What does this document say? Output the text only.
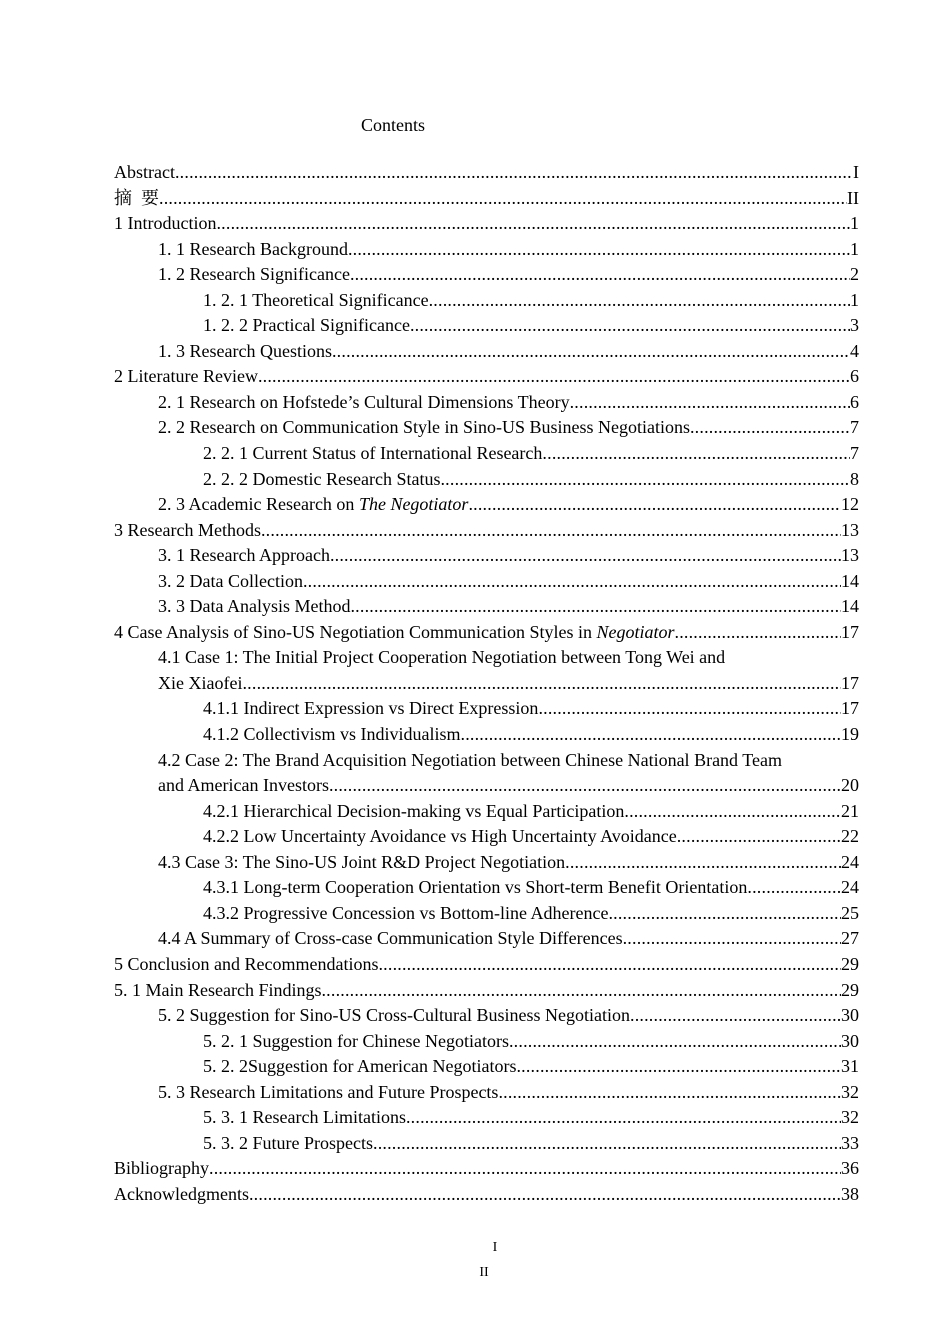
Contents
Abstract .....	I
摘  要 .....	II
1 Introduction .....	1
1. 1 Research Background .....	1
1. 2 Research Significance .....	2
1. 2. 1 Theoretical Significance .....	1
1. 2. 2 Practical Significance .....	3
1. 3 Research Questions .....	4
2 Literature Review .....	6
2. 1 Research on Hofstede’s Cultural Dimensions Theory .....	6
2. 2 Research on Communication Style in Sino-US Business Negotiations .....	7
2. 2. 1 Current Status of International Research .....	7
2. 2. 2 Domestic Research Status .....	8
2. 3 Academic Research on The Negotiator .....	12
3 Research Methods .....	13
3. 1 Research Approach .....	13
3. 2 Data Collection .....	14
3. 3 Data Analysis Method .....	14
4 Case Analysis of Sino-US Negotiation Communication Styles in Negotiator .....	17
4.1 Case 1: The Initial Project Cooperation Negotiation between Tong Wei and
Xie Xiaofei .....	17
4.1.1 Indirect Expression vs Direct Expression .....	17
4.1.2 Collectivism vs Individualism .....	19
4.2 Case 2: The Brand Acquisition Negotiation between Chinese National Brand Team
and American Investors .....	20
4.2.1 Hierarchical Decision-making vs Equal Participation .....	21
4.2.2 Low Uncertainty Avoidance vs High Uncertainty Avoidance .....	22
4.3 Case 3: The Sino-US Joint R&D Project Negotiation .....	24
4.3.1 Long-term Cooperation Orientation vs Short-term Benefit Orientation .....	24
4.3.2 Progressive Concession vs Bottom-line Adherence .....	25
4.4 A Summary of Cross-case Communication Style Differences .....	27
5 Conclusion and Recommendations .....	29
5. 1 Main Research Findings .....	29
5. 2 Suggestion for Sino-US Cross-Cultural Business Negotiation .....	30
5. 2. 1 Suggestion for Chinese Negotiators .....	30
5. 2. 2Suggestion for American Negotiators .....	31
5. 3 Research Limitations and Future Prospects .....	32
5. 3. 1 Research Limitations .....	32
5. 3. 2 Future Prospects .....	33
Bibliography .....	36
Acknowledgments .....	38
I
II
